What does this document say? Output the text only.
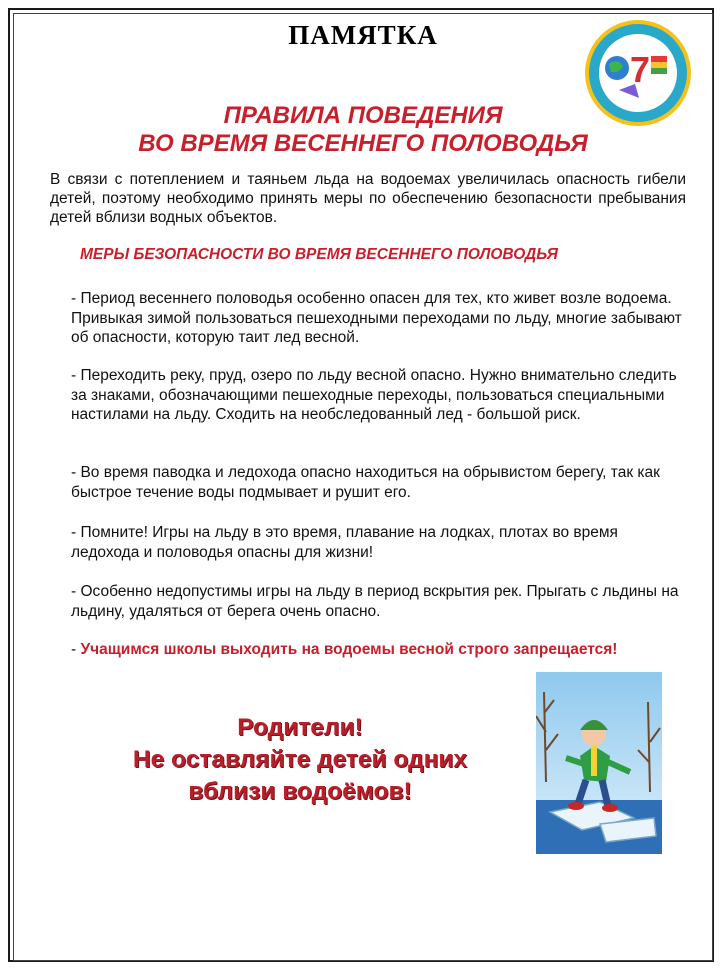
ПАМЯТКА
7
ПРАВИЛА ПОВЕДЕНИЯ
ВО ВРЕМЯ ВЕСЕННЕГО ПОЛОВОДЬЯ
В связи с потеплением и таяньем льда на водоемах увеличилась опасность гибели детей, поэтому необходимо принять меры по обеспечению безопасности пребывания детей вблизи водных объектов.
МЕРЫ БЕЗОПАСНОСТИ ВО ВРЕМЯ ВЕСЕННЕГО ПОЛОВОДЬЯ
- Период весеннего половодья особенно опасен для тех, кто живет возле водоема. Привыкая зимой пользоваться пешеходными переходами по льду, многие забывают об опасности, которую таит лед весной.
- Переходить реку, пруд, озеро по льду весной опасно. Нужно внимательно следить за знаками, обозначающими пешеходные переходы, пользоваться специальными настилами на льду. Сходить на необследованный лед - большой риск.
- Во время паводка и ледохода опасно находиться на обрывистом берегу, так как быстрое течение воды подмывает и рушит его.
- Помните! Игры на льду в это время, плавание на лодках, плотах во время ледохода и половодья опасны для жизни!
- Особенно недопустимы игры на льду в период вскрытия рек. Прыгать с льдины на льдину, удаляться от берега очень опасно.
- Учащимся школы выходить на водоемы весной строго запрещается!
Родители!
Не оставляйте детей одних
вблизи водоёмов!
